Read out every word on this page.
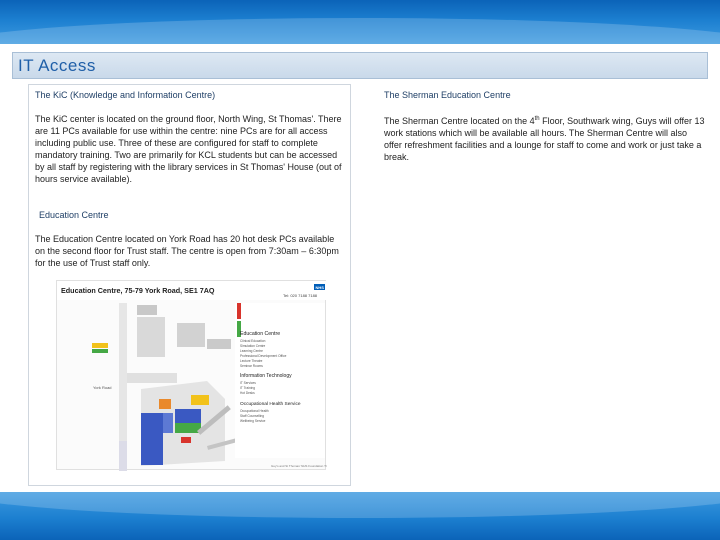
IT Access
The KiC (Knowledge and Information Centre)
The KiC center is located on the ground floor, North Wing, St Thomas'. There are 11 PCs available for use within the centre: nine PCs are for all access including public use. Three of these are configured for staff to complete mandatory training. Two are primarily for KCL students but can be accessed by all staff by registering with the library services in St Thomas' House (out of hours service available).
Education Centre
The Education Centre located on York Road has 20 hot desk PCs available on the second floor for Trust staff. The centre is open from 7:30am – 6:30pm for the use of Trust staff only.
The Sherman Education Centre
The Sherman Centre located on the 4th Floor, Southwark wing, Guys will offer 13 work stations which will be available all hours. The Sherman Centre will also offer refreshment facilities and a lounge for staff to come and work or just take a break.
Education Centre, 75-79 York Road, SE1 7AQ	NHS
Tel: 020 7188 7188
York Road
Education Centre
Clinical Education
Simulation Centre
Learning Centre
Professional Development Office
Lecture Theatre
Seminar Rooms
Information Technology
IT Services
IT Training
Hot Desks
Occupational Health Service
Occupational Health
Staff Counselling
Wellbeing Service
Guy's and St Thomas' NHS Foundation Trust
